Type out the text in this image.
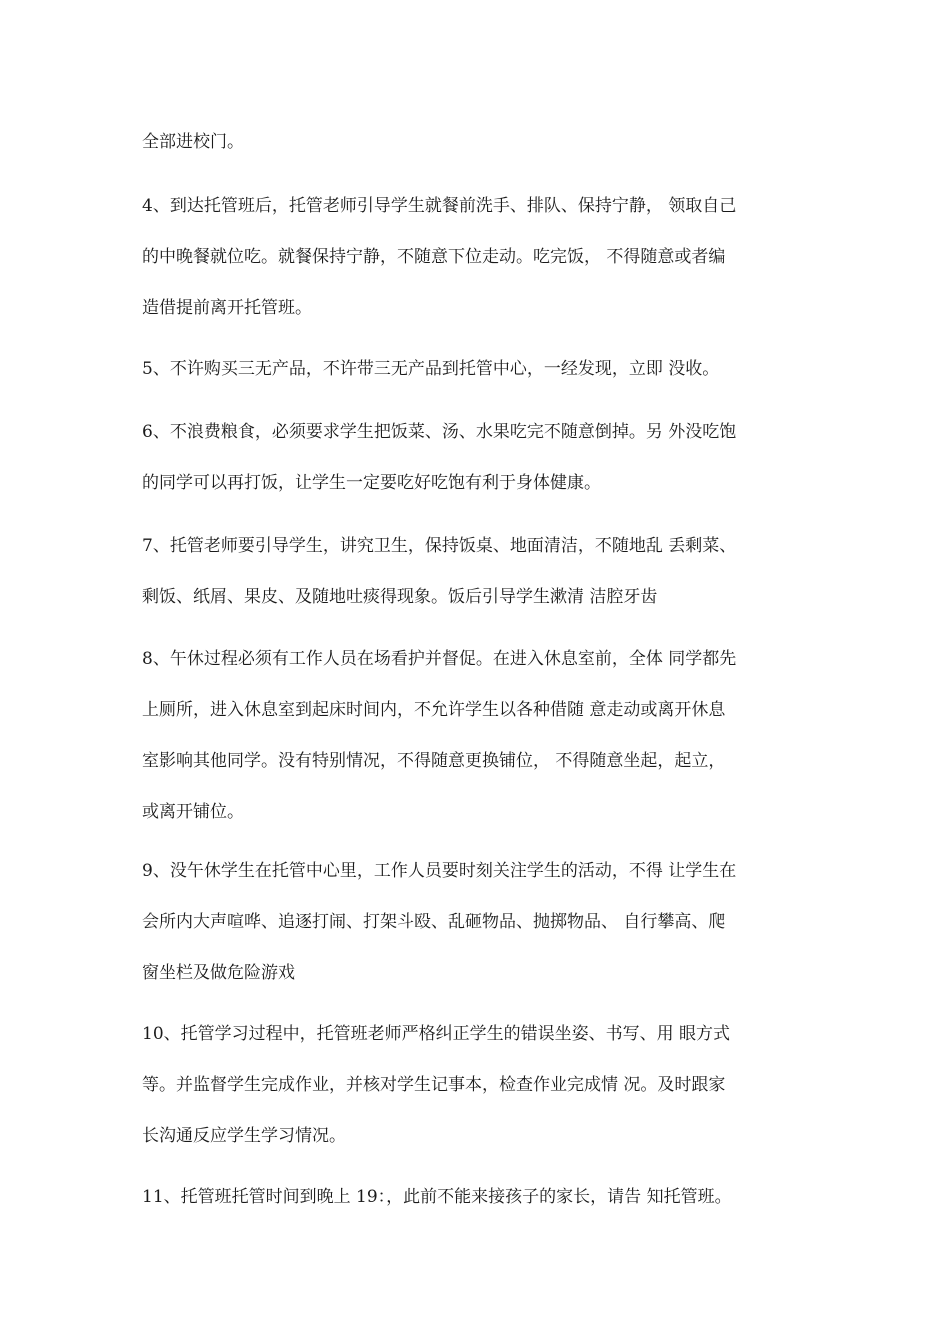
全部进校门。
4、到达托管班后，托管老师引导学生就餐前洗手、排队、保持宁静， 领取自己
的中晚餐就位吃。就餐保持宁静，不随意下位走动。吃完饭， 不得随意或者编
造借提前离开托管班。
5、不许购买三无产品，不许带三无产品到托管中心，一经发现，立即 没收。
6、不浪费粮食，必须要求学生把饭菜、汤、水果吃完不随意倒掉。另 外没吃饱
的同学可以再打饭，让学生一定要吃好吃饱有利于身体健康。
7、托管老师要引导学生，讲究卫生，保持饭桌、地面清洁，不随地乱 丢剩菜、
剩饭、纸屑、果皮、及随地吐痰得现象。饭后引导学生漱清 洁腔牙齿
8、午休过程必须有工作人员在场看护并督促。在进入休息室前，全体 同学都先
上厕所，进入休息室到起床时间内，不允许学生以各种借随 意走动或离开休息
室影响其他同学。没有特别情况，不得随意更换铺位， 不得随意坐起，起立，
或离开铺位。
9、没午休学生在托管中心里，工作人员要时刻关注学生的活动，不得 让学生在
会所内大声喧哗、追逐打闹、打架斗殴、乱砸物品、抛掷物品、 自行攀高、爬
窗坐栏及做危险游戏
10、托管学习过程中，托管班老师严格纠正学生的错误坐姿、书写、用 眼方式
等。并监督学生完成作业，并核对学生记事本，检查作业完成情 况。及时跟家
长沟通反应学生学习情况。
11、托管班托管时间到晚上 19：，此前不能来接孩子的家长，请告 知托管班。
